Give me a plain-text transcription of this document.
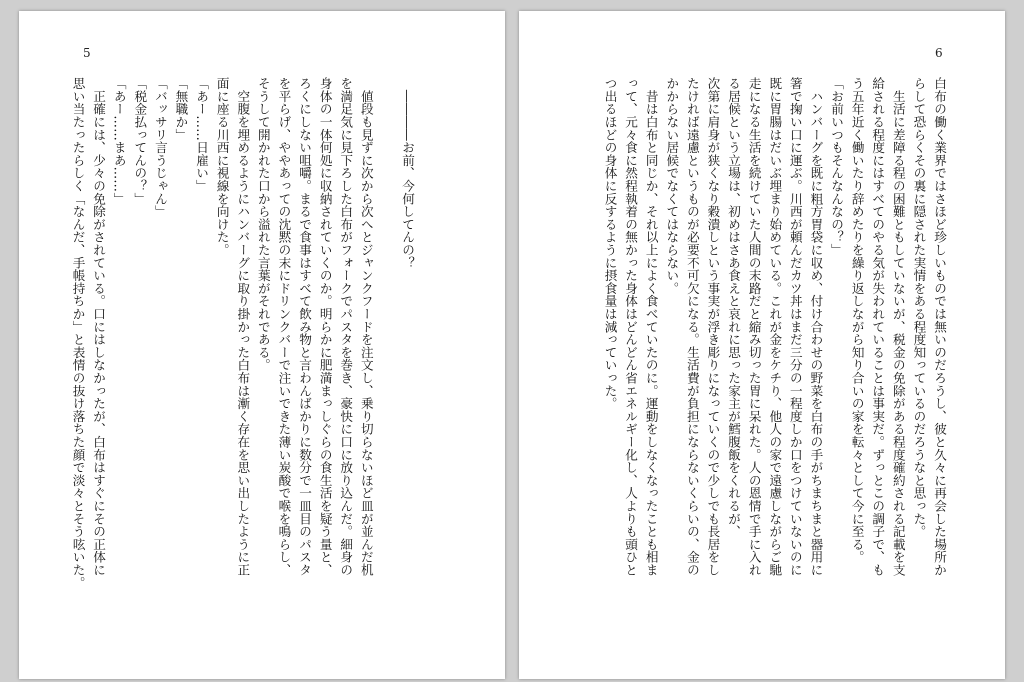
5
　――――お前、今何してんの？

　値段も見ずに次から次へとジャンクフードを注文し、乗り切らないほど皿が並んだ机
を満足気に見下ろした白布がフォークでパスタを巻き、豪快に口に放り込んだ。細身の
身体の一体何処に収納されていくのか。明らかに肥満まっしぐらの食生活を疑う量と、
ろくにしない咀嚼。まるで食事はすべて飲み物と言わんばかりに数分で一皿目のパスタ
を平らげ、ややあっての沈黙の末にドリンクバーで注いできた薄い炭酸で喉を鳴らし、
そうして開かれた口から溢れた言葉がそれである。
　空腹を埋めるようにハンバーグに取り掛かった白布は漸く存在を思い出したように正
面に座る川西に視線を向けた。
「あー……日雇い」
「無職か」
「バッサリ言うじゃん」
「税金払ってんの？」
「あー……まあ……」
　正確には、少々の免除がされている。口にはしなかったが、白布はすぐにその正体に
思い当たったらしく「なんだ、手帳持ちか」と表情の抜け落ちた顔で淡々とそう呟いた。
6
白布の働く業界ではさほど珍しいものでは無いのだろうし、彼と久々に再会した場所か
らして恐らくその裏に隠された実情をある程度知っているのだろうなと思った。
　生活に差障る程の困難ともしていないが、税金の免除がある程度確約される記載を支
給される程度にはすべてのやる気が失われていることは事実だ。ずっとこの調子で、も
う五年近く働いたり辞めたりを繰り返しながら知り合いの家を転々として今に至る。
「お前いつもそんなんなの？」
　ハンバーグを既に粗方胃袋に収め、付け合わせの野菜を白布の手がちまちまと器用に
箸で掬い口に運ぶ。川西が頼んだカツ丼はまだ三分の一程度しか口をつけていないのに
既に胃腸はだいぶ埋まり始めている。これが金をケチり、他人の家で遠慮しながらご馳
走になる生活を続けていた人間の末路だと縮み切った胃に呆れた。人の恩情で手に入れ
る居候という立場は、初めはさあ食えと哀れに思った家主が鱈腹飯をくれるが、
次第に肩身が狭くなり穀潰しという事実が浮き彫りになっていくので少しでも長居をし
たければ遠慮というものが必要不可欠になる。生活費が負担にならないくらいの、金の
かからない居候でなくてはならない。
　昔は白布と同じか、それ以上によく食べていたのに。運動をしなくなったことも相ま
って、元々食に然程執着の無かった身体はどんどん省エネルギー化し、人よりも頭ひと
つ出るほどの身体に反するように摂食量は減っていった。
